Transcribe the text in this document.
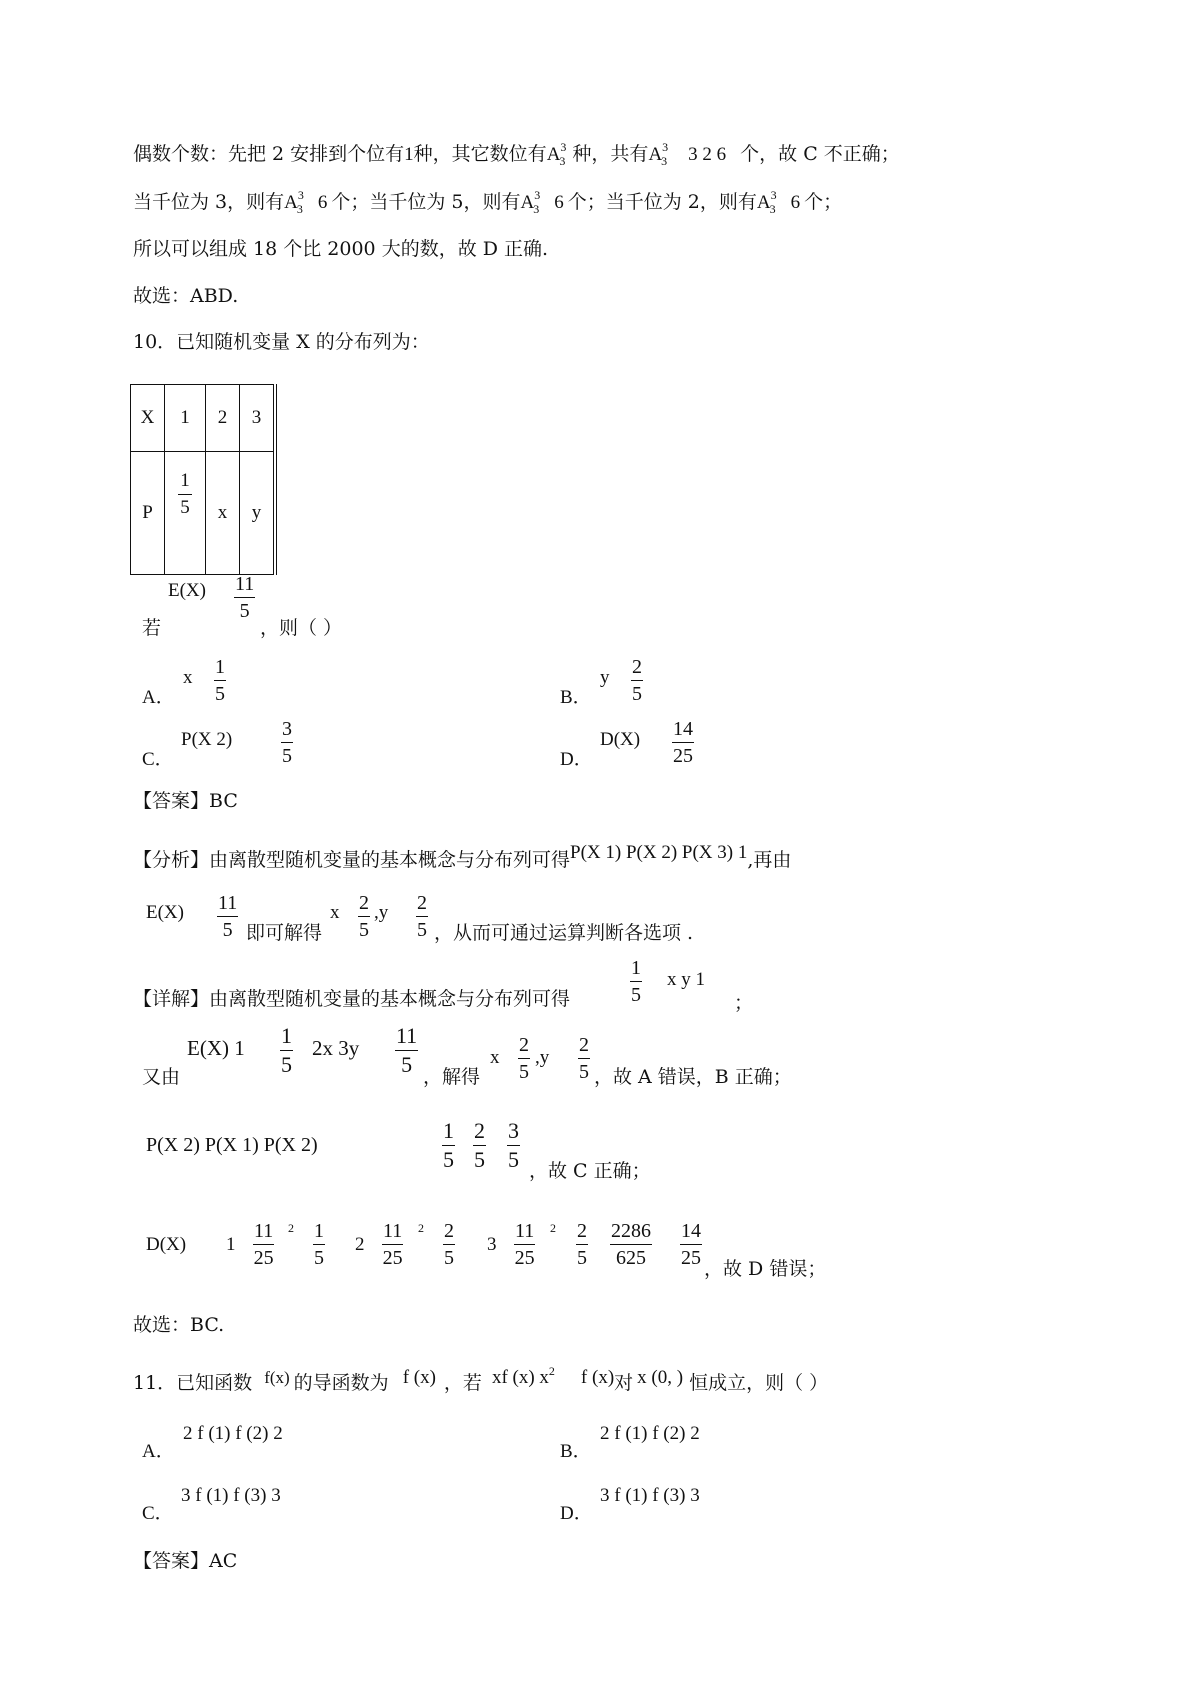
偶数个数：先把 2 安排到个位有1种，其它数位有$A^3_3$ 种，共有$A^3_3$ 3 2 6 个，故 C 不正确；
当千位为 3，则有$A^3_3$ 6 个；当千位为 5，则有$A^3_3$ 6 个；当千位为 2，则有$A^3_3$ 6 个；
所以可以组成 18 个比 2000 大的数，故 D 正确.
故选：ABD.
10．已知随机变量 X 的分布列为：
X	1	2	3
P	$\frac{1}{5}$	x	y
$E(X) \frac{11}{5}$
若	，则（ ）
A．
x $\frac{1}{5}$	B．
y $\frac{2}{5}$
C．
P(X $2) \frac{3}{5}$	D．
$D(X) \frac{14}{25}$
【答案】BC
【分析】由离散型随机变量的基本概念与分布列可得P(X 1) P(X 2) P(X 3) 1,再由
$E(X) \frac{11}{5}$ 即可解得
x $\frac{2}{5} ,y \frac{2}{5}$ ，从而可通过运算判断各选项 .
【详解】由离散型随机变量的基本概念与分布列可得	$\frac{1}{5}$ x y 1
；
又由
E(X) $1 \frac{1}{5} 2x$ $3y \frac{11}{5}$
，解得
x $\frac{2}{5} ,y \frac{2}{5}$ ，故 A 错误，B 正确；
P(X 2) P(X 1) P(X 2)	$\frac{1}{5} \frac{2}{5} \frac{3}{5}$ ，故 C 正确；
D(X) $1 \frac{11}{25} 2 \frac{1}{5} 2 \frac{11}{25} 2 \frac{2}{5} 3 \frac{11}{25} 2 \frac{2}{5} \frac{2286}{625} \frac{14}{25}$
，故 D 错误；
故选：BC.
11．已知函数 f(x) 的导函数为 f (x) ，若 xf (x) $x^2$ f (x)对 x (0, ) 恒成立，则（ ）
A．
2 f (1) f (2) 2
B．
2 f (1) f (2) 2
C．
3 f (1) f (3) 3
D．
3 f (1) f (3) 3
【答案】AC
